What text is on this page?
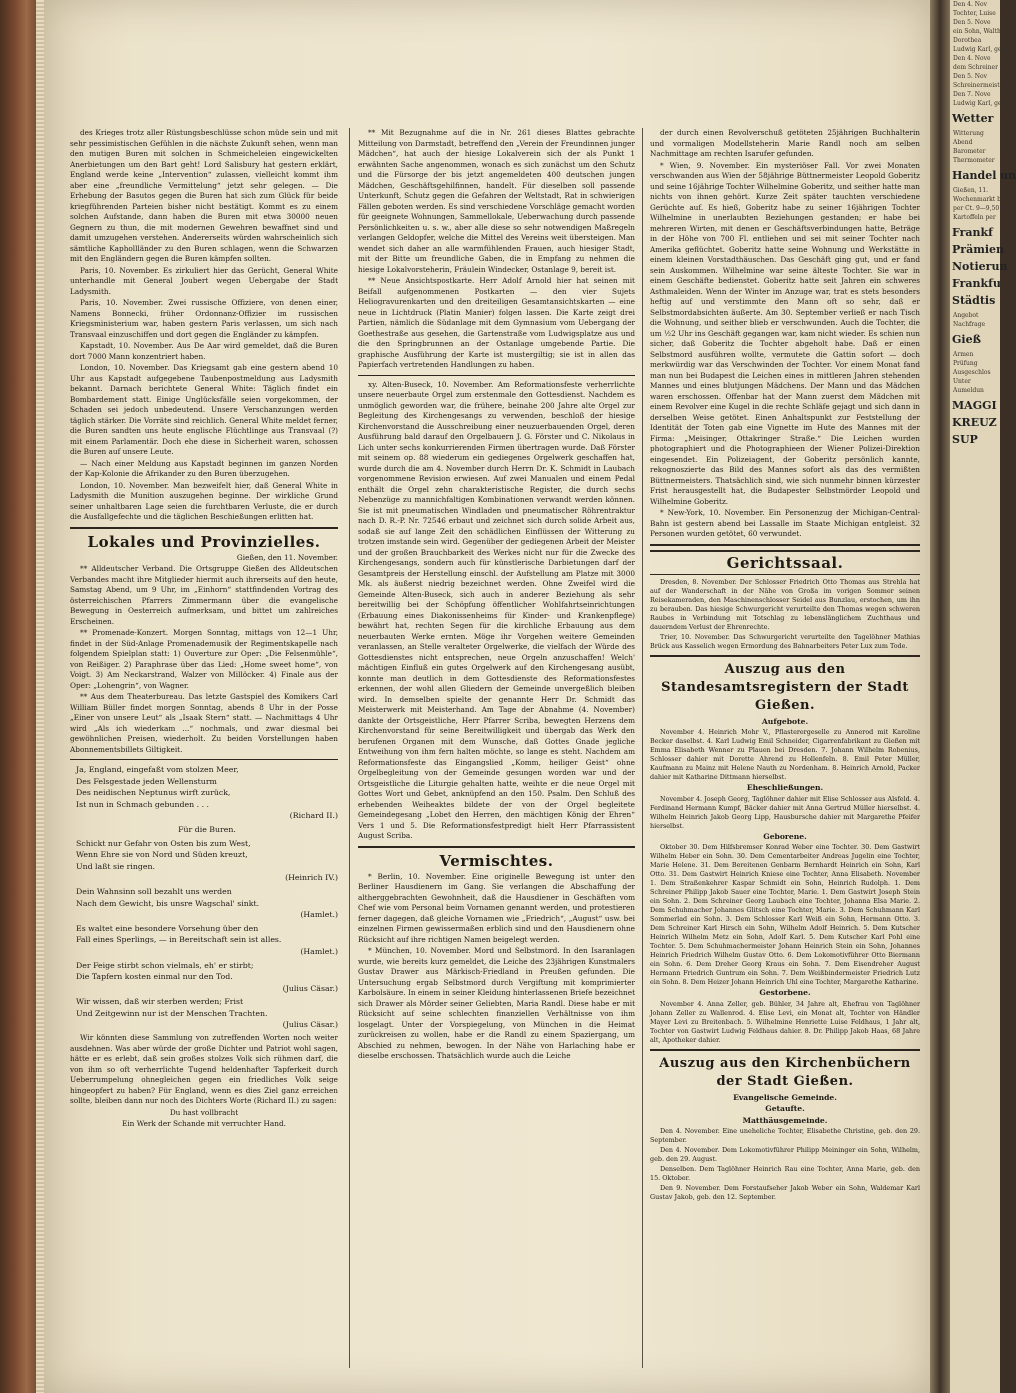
des Krieges trotz aller Rüstungsbeschlüsse schon müde sein und mit sehr pessimistischen Gefühlen in die nächste Zukunft sehen, wenn man den mutigen Buren mit solchen in Schmeicheleien eingewickelten Anerbietungen um den Bart geht! Lord Salisbury hat gestern erklärt, England werde keine „Intervention“ zulassen, vielleicht kommt ihm aber eine „freundliche Vermittelung“ jetzt sehr gelegen. — Die Erhebung der Basutos gegen die Buren hat sich zum Glück für beide kriegführenden Parteien bisher nicht bestätigt. Kommt es zu einem solchen Aufstande, dann haben die Buren mit etwa 30000 neuen Gegnern zu thun, die mit modernen Gewehren bewaffnet sind und damit umzugehen verstehen. Andererseits würden wahrscheinlich sich sämtliche Kaphollländer zu den Buren schlagen, wenn die Schwarzen mit den Engländern gegen die Buren kämpfen sollten.

Paris, 10. November. Es zirkuliert hier das Gerücht, General White unterhandle mit General Joubert wegen Uebergabe der Stadt Ladysmith.

Paris, 10. November. Zwei russische Offiziere, von denen einer, Namens Bonnecki, früher Ordonnanz-Offizier im russischen Kriegsministerium war, haben gestern Paris verlassen, um sich nach Transvaal einzuschiffen und dort gegen die Engländer zu kämpfen.

Kapstadt, 10. November. Aus De Aar wird gemeldet, daß die Buren dort 7000 Mann konzentriert haben.

London, 10. November. Das Kriegsamt gab eine gestern abend 10 Uhr aus Kapstadt aufgegebene Taubenpostmeldung aus Ladysmith bekannt. Darnach berichtete General White: Täglich findet ein Bombardement statt. Einige Unglücksfälle seien vorgekommen, der Schaden sei jedoch unbedeutend. Unsere Verschanzungen werden täglich stärker. Die Vorräte sind reichlich. General White meldet ferner, die Buren sandten uns heute englische Flüchtlinge aus Transvaal (?) mit einem Parlamentär. Doch ehe diese in Sicherheit waren, schossen die Buren auf unsere Leute.

— Nach einer Meldung aus Kapstadt beginnen im ganzen Norden der Kap-Kolonie die Afrikander zu den Buren überzugehen.

London, 10. November. Man bezweifelt hier, daß General White in Ladysmith die Munition auszugehen beginne. Der wirkliche Grund seiner unhaltbaren Lage seien die furchtbaren Verluste, die er durch die Ausfallgefechte und die täglichen Beschießungen erlitten hat.

Lokales und Provinzielles.

Gießen, den 11. November.

** Alldeutscher Verband. Die Ortsgruppe Gießen des Alldeutschen Verbandes macht ihre Mitglieder hiermit auch ihrerseits auf den heute, Samstag Abend, um 9 Uhr, im „Einhorn“ stattfindenden Vortrag des österreichischen Pfarrers Zimmermann über die evangelische Bewegung in Oesterreich aufmerksam, und bittet um zahlreiches Erscheinen.

** Promenade-Konzert. Morgen Sonntag, mittags von 12—1 Uhr, findet in der Süd-Anlage Promenademusik der Regimentskapelle nach folgendem Spielplan statt: 1) Ouverture zur Oper: „Die Felsenmühle“, von Reißiger. 2) Paraphrase über das Lied: „Home sweet home“, von Voigt. 3) Am Neckarstrand, Walzer von Millöcker. 4) Finale aus der Oper: „Lohengrin“, von Wagner.

** Aus dem Theaterbureau. Das letzte Gastspiel des Komikers Carl William Büller findet morgen Sonntag, abends 8 Uhr in der Posse „Einer von unsere Leut“ als „Isaak Stern“ statt. — Nachmittags 4 Uhr wird „Als ich wiederkam ...“ nochmals, und zwar diesmal bei gewöhnlichen Preisen, wiederholt. Zu beiden Vorstellungen haben Abonnementsbillets Giltigkeit.

Ja, England, eingefaßt vom stolzen Meer,

Des Felsgestade jeden Wellensturm

Des neidischen Neptunus wirft zurück,

Ist nun in Schmach gebunden . . .

(Richard II.)

Für die Buren.

Schickt nur Gefahr von Osten bis zum West,

Wenn Ehre sie von Nord und Süden kreuzt,

Und laßt sie ringen.

(Heinrich IV.)

Dein Wahnsinn soll bezahlt uns werden

Nach dem Gewicht, bis unsre Wagschal' sinkt.

(Hamlet.)

Es waltet eine besondere Vorsehung über den

Fall eines Sperlings, — in Bereitschaft sein ist alles.

(Hamlet.)

Der Feige stirbt schon vielmals, eh' er stirbt;

Die Tapfern kosten einmal nur den Tod.

(Julius Cäsar.)

Wir wissen, daß wir sterben werden; Frist

Und Zeitgewinn nur ist der Menschen Trachten.

(Julius Cäsar.)

Wir könnten diese Sammlung von zutreffenden Worten noch weiter ausdehnen. Was aber würde der große Dichter und Patriot wohl sagen, hätte er es erlebt, daß sein großes stolzes Volk sich rühmen darf, die von ihm so oft verherrlichte Tugend heldenhafter Tapferkeit durch Ueberrumpelung ohnegleichen gegen ein friedliches Volk seige hingeopfert zu haben? Für England, wenn es dies Ziel ganz erreichen sollte, bleiben dann nur noch des Dichters Worte (Richard II.) zu sagen:

Du hast vollbracht

Ein Werk der Schande mit verruchter Hand.

** Mit Bezugnahme auf die in Nr. 261 dieses Blattes gebrachte Mitteilung von Darmstadt, betreffend den „Verein der Freundinnen junger Mädchen“, hat auch der hiesige Lokalverein sich der als Punkt 1 erwähnten Sache angenommen, wonach es sich zunächst um den Schutz und die Fürsorge der bis jetzt angemeldeten 400 deutschen jungen Mädchen, Geschäftsgehilfinnen, handelt. Für dieselben soll passende Unterkunft, Schutz gegen die Gefahren der Weltstadt, Rat in schwierigen Fällen geboten werden. Es sind verschiedene Vorschläge gemacht worden für geeignete Wohnungen, Sammellokale, Ueberwachung durch passende Persönlichkeiten u. s. w., aber alle diese so sehr notwendigen Maßregeln verlangen Geldopfer, welche die Mittel des Vereins weit übersteigen. Man wendet sich daher an alle warmfühlenden Frauen, auch hiesiger Stadt, mit der Bitte um freundliche Gaben, die in Empfang zu nehmen die hiesige Lokalvorsteherin, Fräulein Windecker, Ostanlage 9, bereit ist.

** Neue Ansichtspostkarte. Herr Adolf Arnold hier hat seinen mit Beifall aufgenommenen Postkarten — den vier Sujets Heliogravurenkarten und den dreiteiligen Gesamtansichtskarten — eine neue in Lichtdruck (Platin Manier) folgen lassen. Die Karte zeigt drei Partien, nämlich die Südanlage mit dem Gymnasium vom Uebergang der Goethestraße aus gesehen, die Gartenstraße vom Ludwigsplatze aus und die den Springbrunnen an der Ostanlage umgebende Partie. Die graphische Ausführung der Karte ist mustergiltig; sie ist in allen das Papierfach vertretenden Handlungen zu haben.

xy. Alten-Buseck, 10. November. Am Reformationsfeste verherrlichte unsere neuerbaute Orgel zum erstenmale den Gottesdienst. Nachdem es unmöglich geworden war, die frühere, beinahe 200 Jahre alte Orgel zur Begleitung des Kirchengesangs zu verwenden, beschloß der hiesige Kirchenvorstand die Ausschreibung einer neuzuerbauenden Orgel, deren Ausführung bald darauf den Orgelbauern J. G. Förster und C. Nikolaus in Lich unter sechs konkurrierenden Firmen übertragen wurde. Daß Förster mit seinem op. 88 wiederum ein gediegenes Orgelwerk geschaffen hat, wurde durch die am 4. November durch Herrn Dr. K. Schmidt in Laubach vorgenommene Revision erwiesen. Auf zwei Manualen und einem Pedal enthält die Orgel zehn charakteristische Register, die durch sechs Nebenzüge zu mannichfaltigen Kombinationen verwandt werden können. Sie ist mit pneumatischen Windladen und pneumatischer Röhrentraktur nach D. R.-P. Nr. 72546 erbaut und zeichnet sich durch solide Arbeit aus, sodaß sie auf lange Zeit den schädlichen Einflüssen der Witterung zu trotzen imstande sein wird. Gegenüber der gediegenen Arbeit der Meister und der großen Brauchbarkeit des Werkes nicht nur für die Zwecke des Kirchengesangs, sondern auch für künstlerische Darbietungen darf der Gesamtpreis der Herstellung einschl. der Aufstellung am Platze mit 3000 Mk. als äußerst niedrig bezeichnet werden. Ohne Zweifel wird die Gemeinde Alten-Buseck, sich auch in anderer Beziehung als sehr bereitwillig bei der Schöpfung öffentlicher Wohlfahrtseinrichtungen (Erbauung eines Diakonissenheims für Kinder- und Krankenpflege) bewährt hat, rechten Segen für die kirchliche Erbauung aus dem neuerbauten Werke ernten. Möge ihr Vorgehen weitere Gemeinden veranlassen, an Stelle veralteter Orgelwerke, die vielfach der Würde des Gottesdienstes nicht entsprechen, neue Orgeln anzuschaffen! Welch' mächtigen Einfluß ein gutes Orgelwerk auf den Kirchengesang ausübt, konnte man deutlich in dem Gottesdienste des Reformationsfestes erkennen, der wohl allen Gliedern der Gemeinde unvergeßlich bleiben wird. In demselben spielte der genannte Herr Dr. Schmidt das Meisterwerk mit Meisterhand. Am Tage der Abnahme (4. November) dankte der Ortsgeistliche, Herr Pfarrer Scriba, bewegten Herzens dem Kirchenvorstand für seine Bereitwilligkeit und übergab das Werk den berufenen Organen mit dem Wunsche, daß Gottes Gnade jegliche Entweihung von ihm fern halten möchte, so lange es steht. Nachdem am Reformationsfeste das Eingangslied „Komm, heiliger Geist“ ohne Orgelbegleitung von der Gemeinde gesungen worden war und der Ortsgeistliche die Liturgie gehalten hatte, weihte er die neue Orgel mit Gottes Wort und Gebet, anknüpfend an den 150. Psalm. Den Schluß des erhebenden Weiheaktes bildete der von der Orgel begleitete Gemeindegesang „Lobet den Herren, den mächtigen König der Ehren“ Vers 1 und 5. Die Reformationsfestpredigt hielt Herr Pfarrassistent August Scriba.

Vermischtes.

* Berlin, 10. November. Eine originelle Bewegung ist unter den Berliner Hausdienern im Gang. Sie verlangen die Abschaffung der altherggebrachten Gewohnheit, daß die Hausdiener in Geschäften vom Chef wie vom Personal beim Vornamen genannt werden, und protestieren ferner dagegen, daß gleiche Vornamen wie „Friedrich“, „August“ usw. bei einzelnen Firmen gewissermaßen erblich sind und den Hausdienern ohne Rücksicht auf ihre richtigen Namen beigelegt werden.

* München, 10. November. Mord und Selbstmord. In den Isaranlagen wurde, wie bereits kurz gemeldet, die Leiche des 23jährigen Kunstmalers Gustav Drawer aus Märkisch-Friedland in Preußen gefunden. Die Untersuchung ergab Selbstmord durch Vergiftung mit komprimierter Karbolsäure. In einem in seiner Kleidung hinterlassenen Briefe bezeichnet sich Drawer als Mörder seiner Geliebten, Maria Randl. Diese habe er mit Rücksicht auf seine schlechten finanziellen Verhältnisse von ihm losgelagt. Unter der Vorspiegelung, von München in die Heimat zurückreisen zu wollen, habe er die Randl zu einem Spaziergang, um Abschied zu nehmen, bewogen. In der Nähe von Harlaching habe er dieselbe erschossen. Thatsächlich wurde auch die Leiche

der durch einen Revolverschuß getöteten 25jährigen Buchhalterin und vormaligen Modellsteherin Marie Randl noch am selben Nachmittage am rechten Isarufer gefunden.

* Wien, 9. November. Ein mysteriöser Fall. Vor zwei Monaten verschwanden aus Wien der 58jährige Büttnermeister Leopold Goberitz und seine 16jährige Tochter Wilhelmine Goberitz, und seither hatte man nichts von ihnen gehört. Kurze Zeit später tauchten verschiedene Gerüchte auf. Es hieß, Goberitz habe zu seiner 16jährigen Tochter Wilhelmine in unerlaubten Beziehungen gestanden; er habe bei mehreren Wirten, mit denen er Geschäftsverbindungen hatte, Beträge in der Höhe von 700 Fl. entliehen und sei mit seiner Tochter nach Amerika geflüchtet. Goberitz hatte seine Wohnung und Werkstätte in einem kleinen Vorstadthäuschen. Das Geschäft ging gut, und er fand sein Auskommen. Wilhelmine war seine älteste Tochter. Sie war in einem Geschäfte bedienstet. Goberitz hatte seit Jahren ein schweres Asthmaleiden. Wenn der Winter im Anzuge war, trat es stets besonders heftig auf und verstimmte den Mann oft so sehr, daß er Selbstmordabsichten äußerte. Am 30. September verließ er nach Tisch die Wohnung, und seither blieb er verschwunden. Auch die Tochter, die um ½2 Uhr ins Geschäft gegangen war, kam nicht wieder. Es schien nun sicher, daß Goberitz die Tochter abgeholt habe. Daß er einen Selbstmord ausführen wollte, vermutete die Gattin sofort — doch merkwürdig war das Verschwinden der Tochter. Vor einem Monat fand man nun bei Budapest die Leichen eines in mittleren Jahren stehenden Mannes und eines blutjungen Mädchens. Der Mann und das Mädchen waren erschossen. Offenbar hat der Mann zuerst dem Mädchen mit einem Revolver eine Kugel in die rechte Schläfe gejagt und sich dann in derselben Weise getötet. Einen Anhaltspunkt zur Feststellung der Identität der Toten gab eine Vignette im Hute des Mannes mit der Firma: „Meisinger, Ottakringer Straße.“ Die Leichen wurden photographiert und die Photographieen der Wiener Polizei-Direktion eingesendet. Ein Polizeiagent, der Goberitz persönlich kannte, rekognoszierte das Bild des Mannes sofort als das des vermißten Büttnermeisters. Thatsächlich sind, wie sich nunmehr binnen kürzester Frist herausgestellt hat, die Budapester Selbstmörder Leopold und Wilhelmine Goberitz.

* New-York, 10. November. Ein Personenzug der Michigan-Central-Bahn ist gestern abend bei Lassalle im Staate Michigan entgleist. 32 Personen wurden getötet, 60 verwundet.

Gerichtssaal.

Dresden, 8. November. Der Schlosser Friedrich Otto Thomas aus Strehla hat auf der Wanderschaft in der Nähe von Großa im vorigen Sommer seinen Reisekameraden, den Maschinenschlosser Seidel aus Bunzlau, erstochen, um ihn zu berauben. Das hiesige Schwurgericht verurteilte den Thomas wegen schweren Raubes in Verbindung mit Totschlag zu lebenslänglichem Zuchthaus und dauerndem Verlust der Ehrenrechte.

Trier, 10. November. Das Schwurgericht verurteilte den Tagelöhner Mathias Brück aus Kasselich wegen Ermordung des Bahnarbeiters Peter Lux zum Tode.

Auszug aus den Standesamtsregistern der Stadt Gießen.

Aufgebote.

November 4. Heinrich Mohr V., Pflasterergeselle zu Annerod mit Karoline Becker daselbst. 4. Karl Ludwig Emil Schneider, Cigarrenfabrikant zu Gießen mit Emma Elisabeth Wenner zu Plauen bei Dresden. 7. Johann Wilhelm Robenius, Schlosser dahier mit Dorette Ahrend zu Hollenfeln. 8. Emil Peter Müller, Kaufmann zu Mainz mit Helene Nauth zu Nordenham. 8. Heinrich Arnold, Packer dahier mit Katharine Dittmann hierselbst.

Eheschließungen.

November 4. Joseph Georg, Taglöhner dahier mit Elise Schlosser aus Alsfeld. 4. Ferdinand Hermann Kumpf, Bäcker dahier mit Anna Gertrud Müller hierselbst. 4. Wilhelm Heinrich Jakob Georg Lipp, Hausbursche dahier mit Margarethe Pfeifer hierselbst.

Geborene.

Oktober 30. Dem Hilfsbremser Konrad Weber eine Tochter. 30. Dem Gastwirt Wilhelm Heber ein Sohn. 30. Dem Cementarbeiter Andreas Jugelin eine Tochter, Marie Helene. 31. Dem Bereitenen Genbarm Bernhardt Heinrich ein Sohn, Karl Otto. 31. Dem Gastwirt Heinrich Kniese eine Tochter, Anna Elisabeth. November 1. Dem Straßenkehrer Kaspar Schmidt ein Sohn, Heinrich Rudolph. 1. Dem Schreiner Philipp Jakob Sauer eine Tochter, Marie. 1. Dem Gastwirt Joseph Stein ein Sohn. 2. Dem Schreiner Georg Laubach eine Tochter, Johanna Elsa Marie. 2. Dem Schuhmacher Johannes Glitsch eine Tochter, Marie. 3. Dem Schuhmann Karl Sommerlad ein Sohn. 3. Dem Schlosser Karl Weiß ein Sohn, Hermann Otto. 3. Dem Schreiner Karl Hirsch ein Sohn, Wilhelm Adolf Heinrich. 5. Dem Kutscher Heinrich Wilhelm Metz ein Sohn, Adolf Karl. 5. Dem Kutscher Karl Pohl eine Tochter. 5. Dem Schuhmachermeister Johann Heinrich Stein ein Sohn, Johannes Heinrich Friedrich Wilhelm Gustav Otto. 6. Dem Lokomotivführer Otto Biermann ein Sohn. 6. Dem Dreher Georg Kraus ein Sohn. 7. Dem Eisendreher August Hermann Friedrich Guntrum ein Sohn. 7. Dem Weißbindermeister Friedrich Lutz ein Sohn. 8. Dem Heizer Johann Heinrich Uhl eine Tochter, Margarethe Katharine.

Gestorbene.

November 4. Anna Zeller, geb. Bühler, 34 Jahre alt, Ehefrau von Taglöhner Johann Zeller zu Wallenrod. 4. Elise Levi, ein Monat alt, Tochter von Händler Mayer Levi zu Breitenbach. 5. Wilhelmine Henriette Luise Feldhaus, 1 Jahr alt, Tochter von Gastwirt Ludwig Feldhaus dahier. 8. Dr. Philipp Jakob Haas, 68 Jahre alt, Apotheker dahier.

Auszug aus den Kirchenbüchern der Stadt Gießen.

Evangelische Gemeinde.

Getaufte.

Matthäusgemeinde.

Den 4. November. Eine uneheliche Tochter, Elisabethe Christine, geb. den 29. September.

Den 4. November. Dem Lokomotivführer Philipp Meininger ein Sohn, Wilhelm, geb. den 29. August.

Denselben. Dem Taglöhner Heinrich Rau eine Tochter, Anna Marie, geb. den 15. Oktober.

Den 9. November. Dem Forstaufseher Jakob Weber ein Sohn, Waldemar Karl Gustav Jakob, geb. den 12. September.

Den 4. Nov
Tochter, Luise
Den 5. Nove
ein Sohn, Walther
Dorothea
Ludwig Karl, geb
Den 4. Nove
dem Schreiner Kon
Den 5. Nov
Schreinermeister
Den 7. Nove
Ludwig Karl, geb.
Wetter
Witterung
Abend
Barometer
Thermometer
Handel un
Gießen, 11.
Wochenmarkt bei
per Ct. 9—9,50
Kartoffeln per
Frankf
Prämien
Notierun
Frankfu
Städtis
Angebot
Nachfrage
Gieß
Armen
Prüfung
Ausgeschlos
Unter
Aumeldun
MAGGI
KREUZ
SUP
